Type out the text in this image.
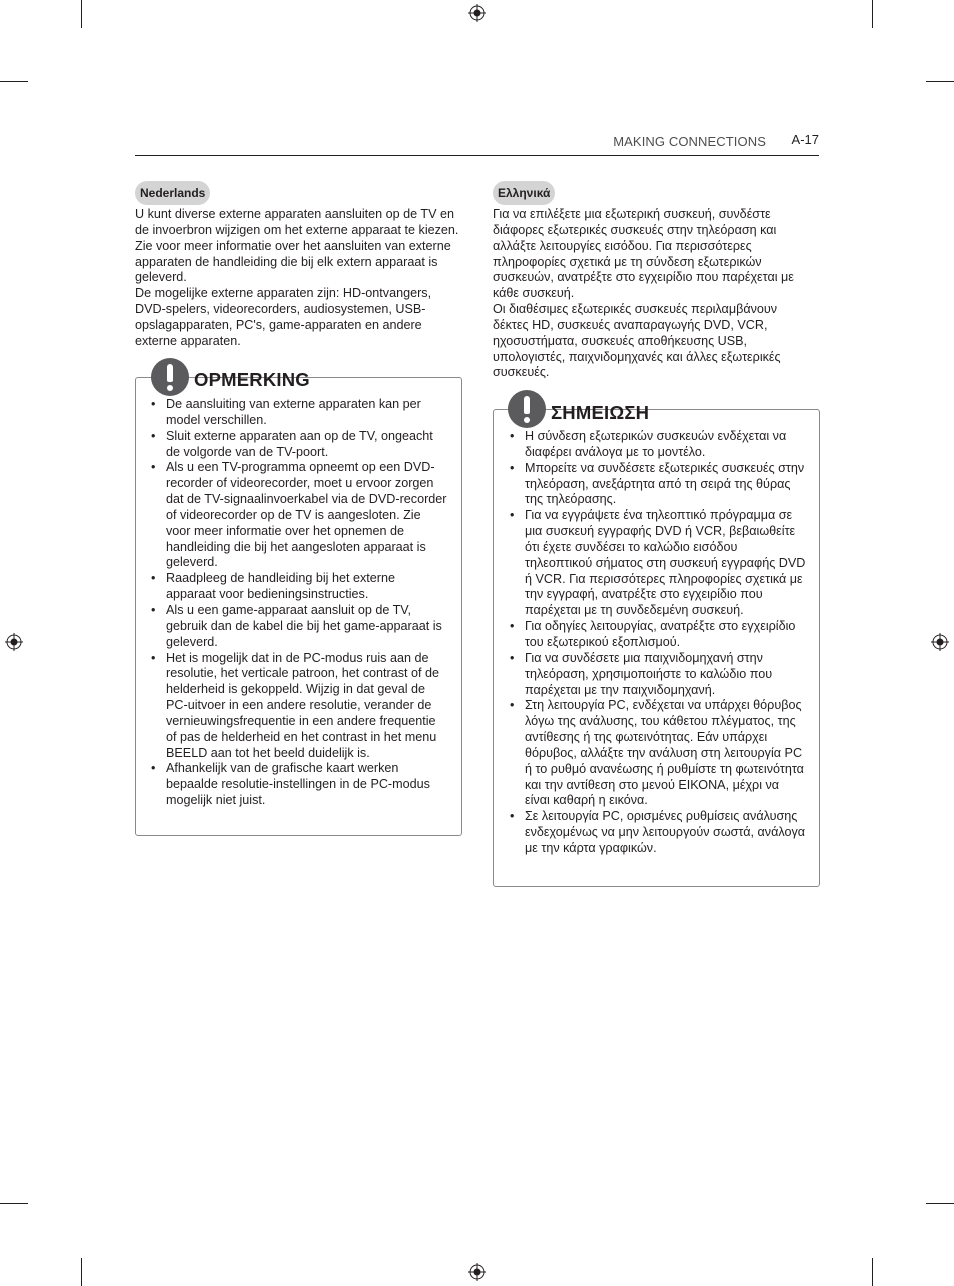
MAKING CONNECTIONS A-17
Nederlands

U kunt diverse externe apparaten aansluiten op de TV en de invoerbron wijzigen om het externe apparaat te kiezen. Zie voor meer informatie over het aansluiten van externe apparaten de handleiding die bij elk extern apparaat is geleverd.

De mogelijke externe apparaten zijn: HD-ontvangers, DVD-spelers, videorecorders, audiosystemen, USB-opslagapparaten, PC's, game-apparaten en andere externe apparaten.

OPMERKING
• De aansluiting van externe apparaten kan per model verschillen.
• Sluit externe apparaten aan op de TV, ongeacht de volgorde van de TV-poort.
• Als u een TV-programma opneemt op een DVD-recorder of videorecorder, moet u ervoor zorgen dat de TV-signaalinvoerkabel via de DVD-recorder of videorecorder op de TV is aangesloten. Zie voor meer informatie over het opnemen de handleiding die bij het aangesloten apparaat is geleverd.
• Raadpleeg de handleiding bij het externe apparaat voor bedieningsinstructies.
• Als u een game-apparaat aansluit op de TV, gebruik dan de kabel die bij het game-apparaat is geleverd.
• Het is mogelijk dat in de PC-modus ruis aan de resolutie, het verticale patroon, het contrast of de helderheid is gekoppeld. Wijzig in dat geval de PC-uitvoer in een andere resolutie, verander de vernieuwingsfrequentie in een andere frequentie of pas de helderheid en het contrast in het menu BEELD aan tot het beeld duidelijk is.
• Afhankelijk van de grafische kaart werken bepaalde resolutie-instellingen in de PC-modus mogelijk niet juist.
Ελληνικά

Για να επιλέξετε μια εξωτερική συσκευή, συνδέστε διάφορες εξωτερικές συσκευές στην τηλεόραση και αλλάξτε λειτουργίες εισόδου. Για περισσότερες πληροφορίες σχετικά με τη σύνδεση εξωτερικών συσκευών, ανατρέξτε στο εγχειρίδιο που παρέχεται με κάθε συσκευή.

Οι διαθέσιμες εξωτερικές συσκευές περιλαμβάνουν δέκτες HD, συσκευές αναπαραγωγής DVD, VCR, ηχοσυστήματα, συσκευές αποθήκευσης USB, υπολογιστές, παιχνιδομηχανές και άλλες εξωτερικές συσκευές.

ΣΗΜΕΙΩΣΗ
• Η σύνδεση εξωτερικών συσκευών ενδέχεται να διαφέρει ανάλογα με το μοντέλο.
• Μπορείτε να συνδέσετε εξωτερικές συσκευές στην τηλεόραση, ανεξάρτητα από τη σειρά της θύρας της τηλεόρασης.
• Για να εγγράψετε ένα τηλεοπτικό πρόγραμμα σε μια συσκευή εγγραφής DVD ή VCR, βεβαιωθείτε ότι έχετε συνδέσει το καλώδιο εισόδου τηλεοπτικού σήματος στη συσκευή εγγραφής DVD ή VCR. Για περισσότερες πληροφορίες σχετικά με την εγγραφή, ανατρέξτε στο εγχειρίδιο που παρέχεται με τη συνδεδεμένη συσκευή.
• Για οδηγίες λειτουργίας, ανατρέξτε στο εγχειρίδιο του εξωτερικού εξοπλισμού.
• Για να συνδέσετε μια παιχνιδομηχανή στην τηλεόραση, χρησιμοποιήστε το καλώδιο που παρέχεται με την παιχνιδομηχανή.
• Στη λειτουργία PC, ενδέχεται να υπάρχει θόρυβος λόγω της ανάλυσης, του κάθετου πλέγματος, της αντίθεσης ή της φωτεινότητας. Εάν υπάρχει θόρυβος, αλλάξτε την ανάλυση στη λειτουργία PC ή το ρυθμό ανανέωσης ή ρυθμίστε τη φωτεινότητα και την αντίθεση στο μενού ΕΙΚΟΝΑ, μέχρι να είναι καθαρή η εικόνα.
• Σε λειτουργία PC, ορισμένες ρυθμίσεις ανάλυσης ενδεχομένως να μην λειτουργούν σωστά, ανάλογα με την κάρτα γραφικών.
